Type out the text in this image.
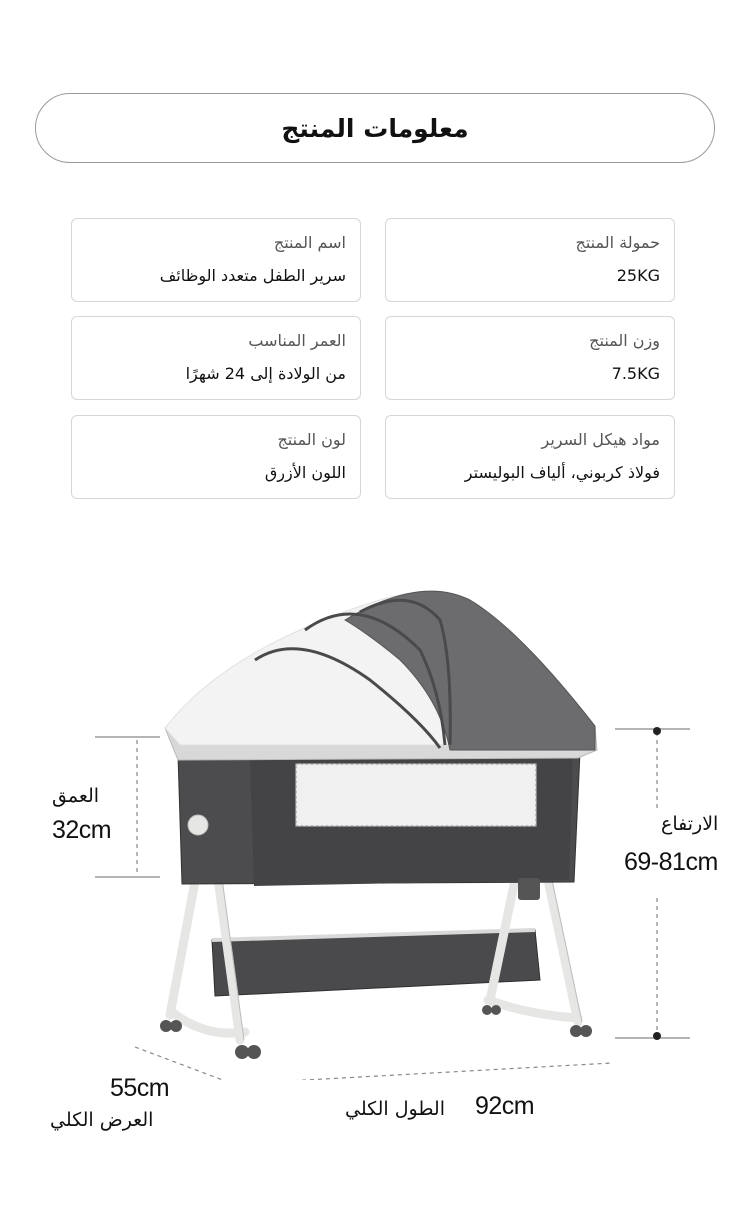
معلومات المنتج
اسم المنتج
سرير الطفل متعدد الوظائف
العمر المناسب
من الولادة إلى 24 شهرًا
لون المنتج
اللون الأزرق
حمولة المنتج
25KG
وزن المنتج
7.5KG
مواد هيكل السرير
فولاذ كربوني، ألياف البوليستر
العمق
32cm	الارتفاع
69-81cm
55cm
العرض الكلي	الطول الكلي 92cm
